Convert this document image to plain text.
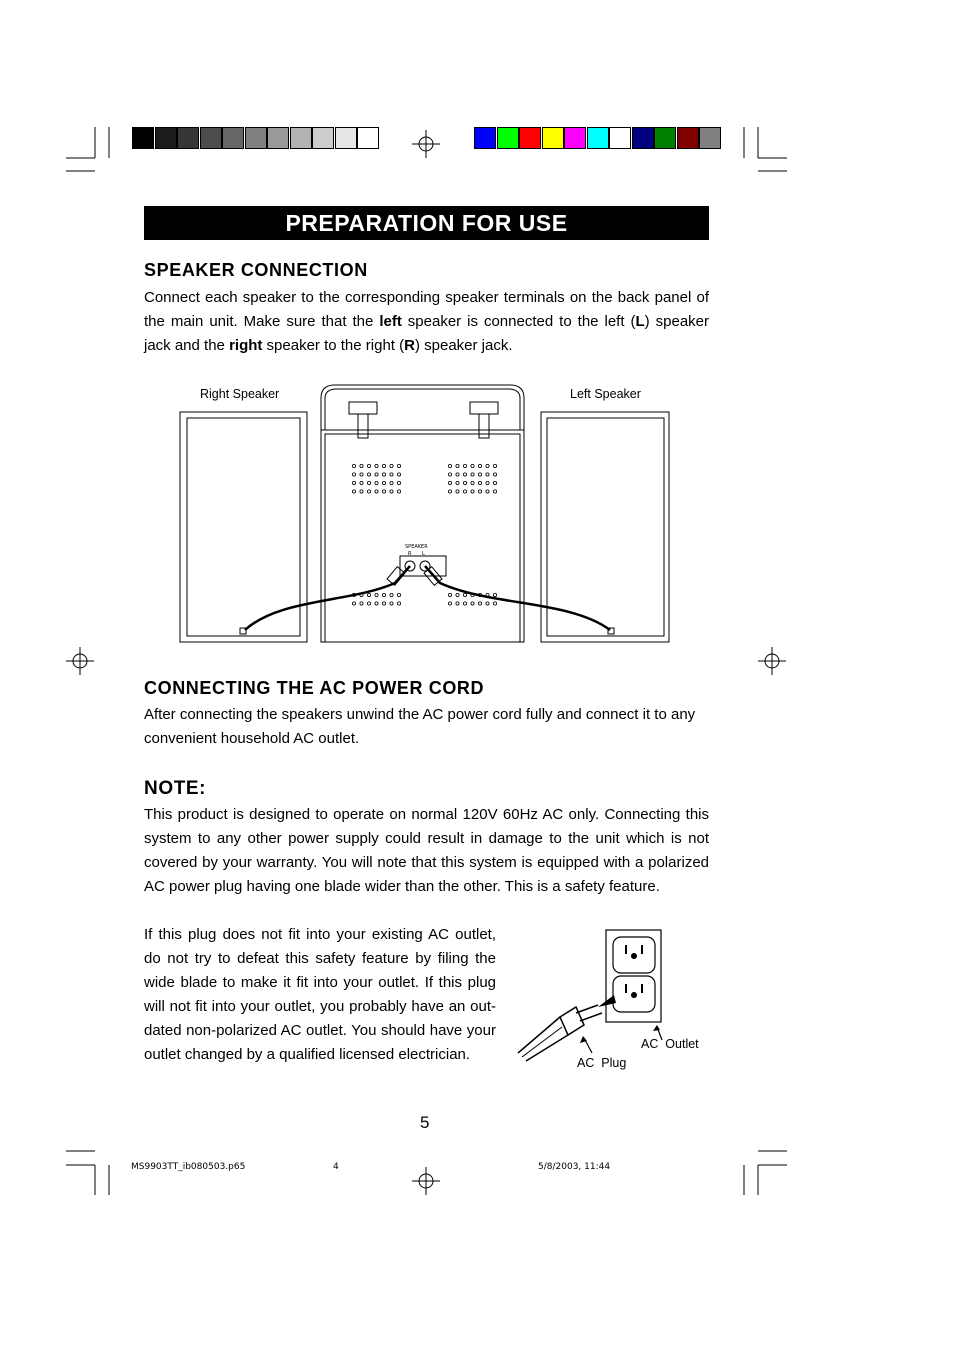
PREPARATION FOR USE
SPEAKER CONNECTION
Connect each speaker to the corresponding speaker terminals on the back panel of the main unit. Make sure that the left speaker is connected to the left (L) speaker jack and the right speaker to the right (R) speaker jack.
Right Speaker	Left Speaker
SPEAKER
R L
CONNECTING THE AC POWER CORD
After connecting the speakers unwind the AC power cord fully and connect it to any convenient household AC outlet.
NOTE:
This product is designed to operate on normal 120V 60Hz AC only. Connecting this system to any other power supply could result in damage to the unit which is not covered by your warranty. You will note that this system is equipped with a polarized AC power plug having one blade wider than the other. This is a safety feature.
If this plug does not fit into your existing AC outlet, do not try to defeat this safety feature by filing the wide blade to make it fit into your outlet. If this plug will not fit into your outlet, you probably have an out-dated non-polarized AC outlet. You should have your outlet changed by a qualified licensed electrician.
AC  Outlet
AC  Plug
5
MS9903TT_ib080503.p65	4	5/8/2003, 11:44
